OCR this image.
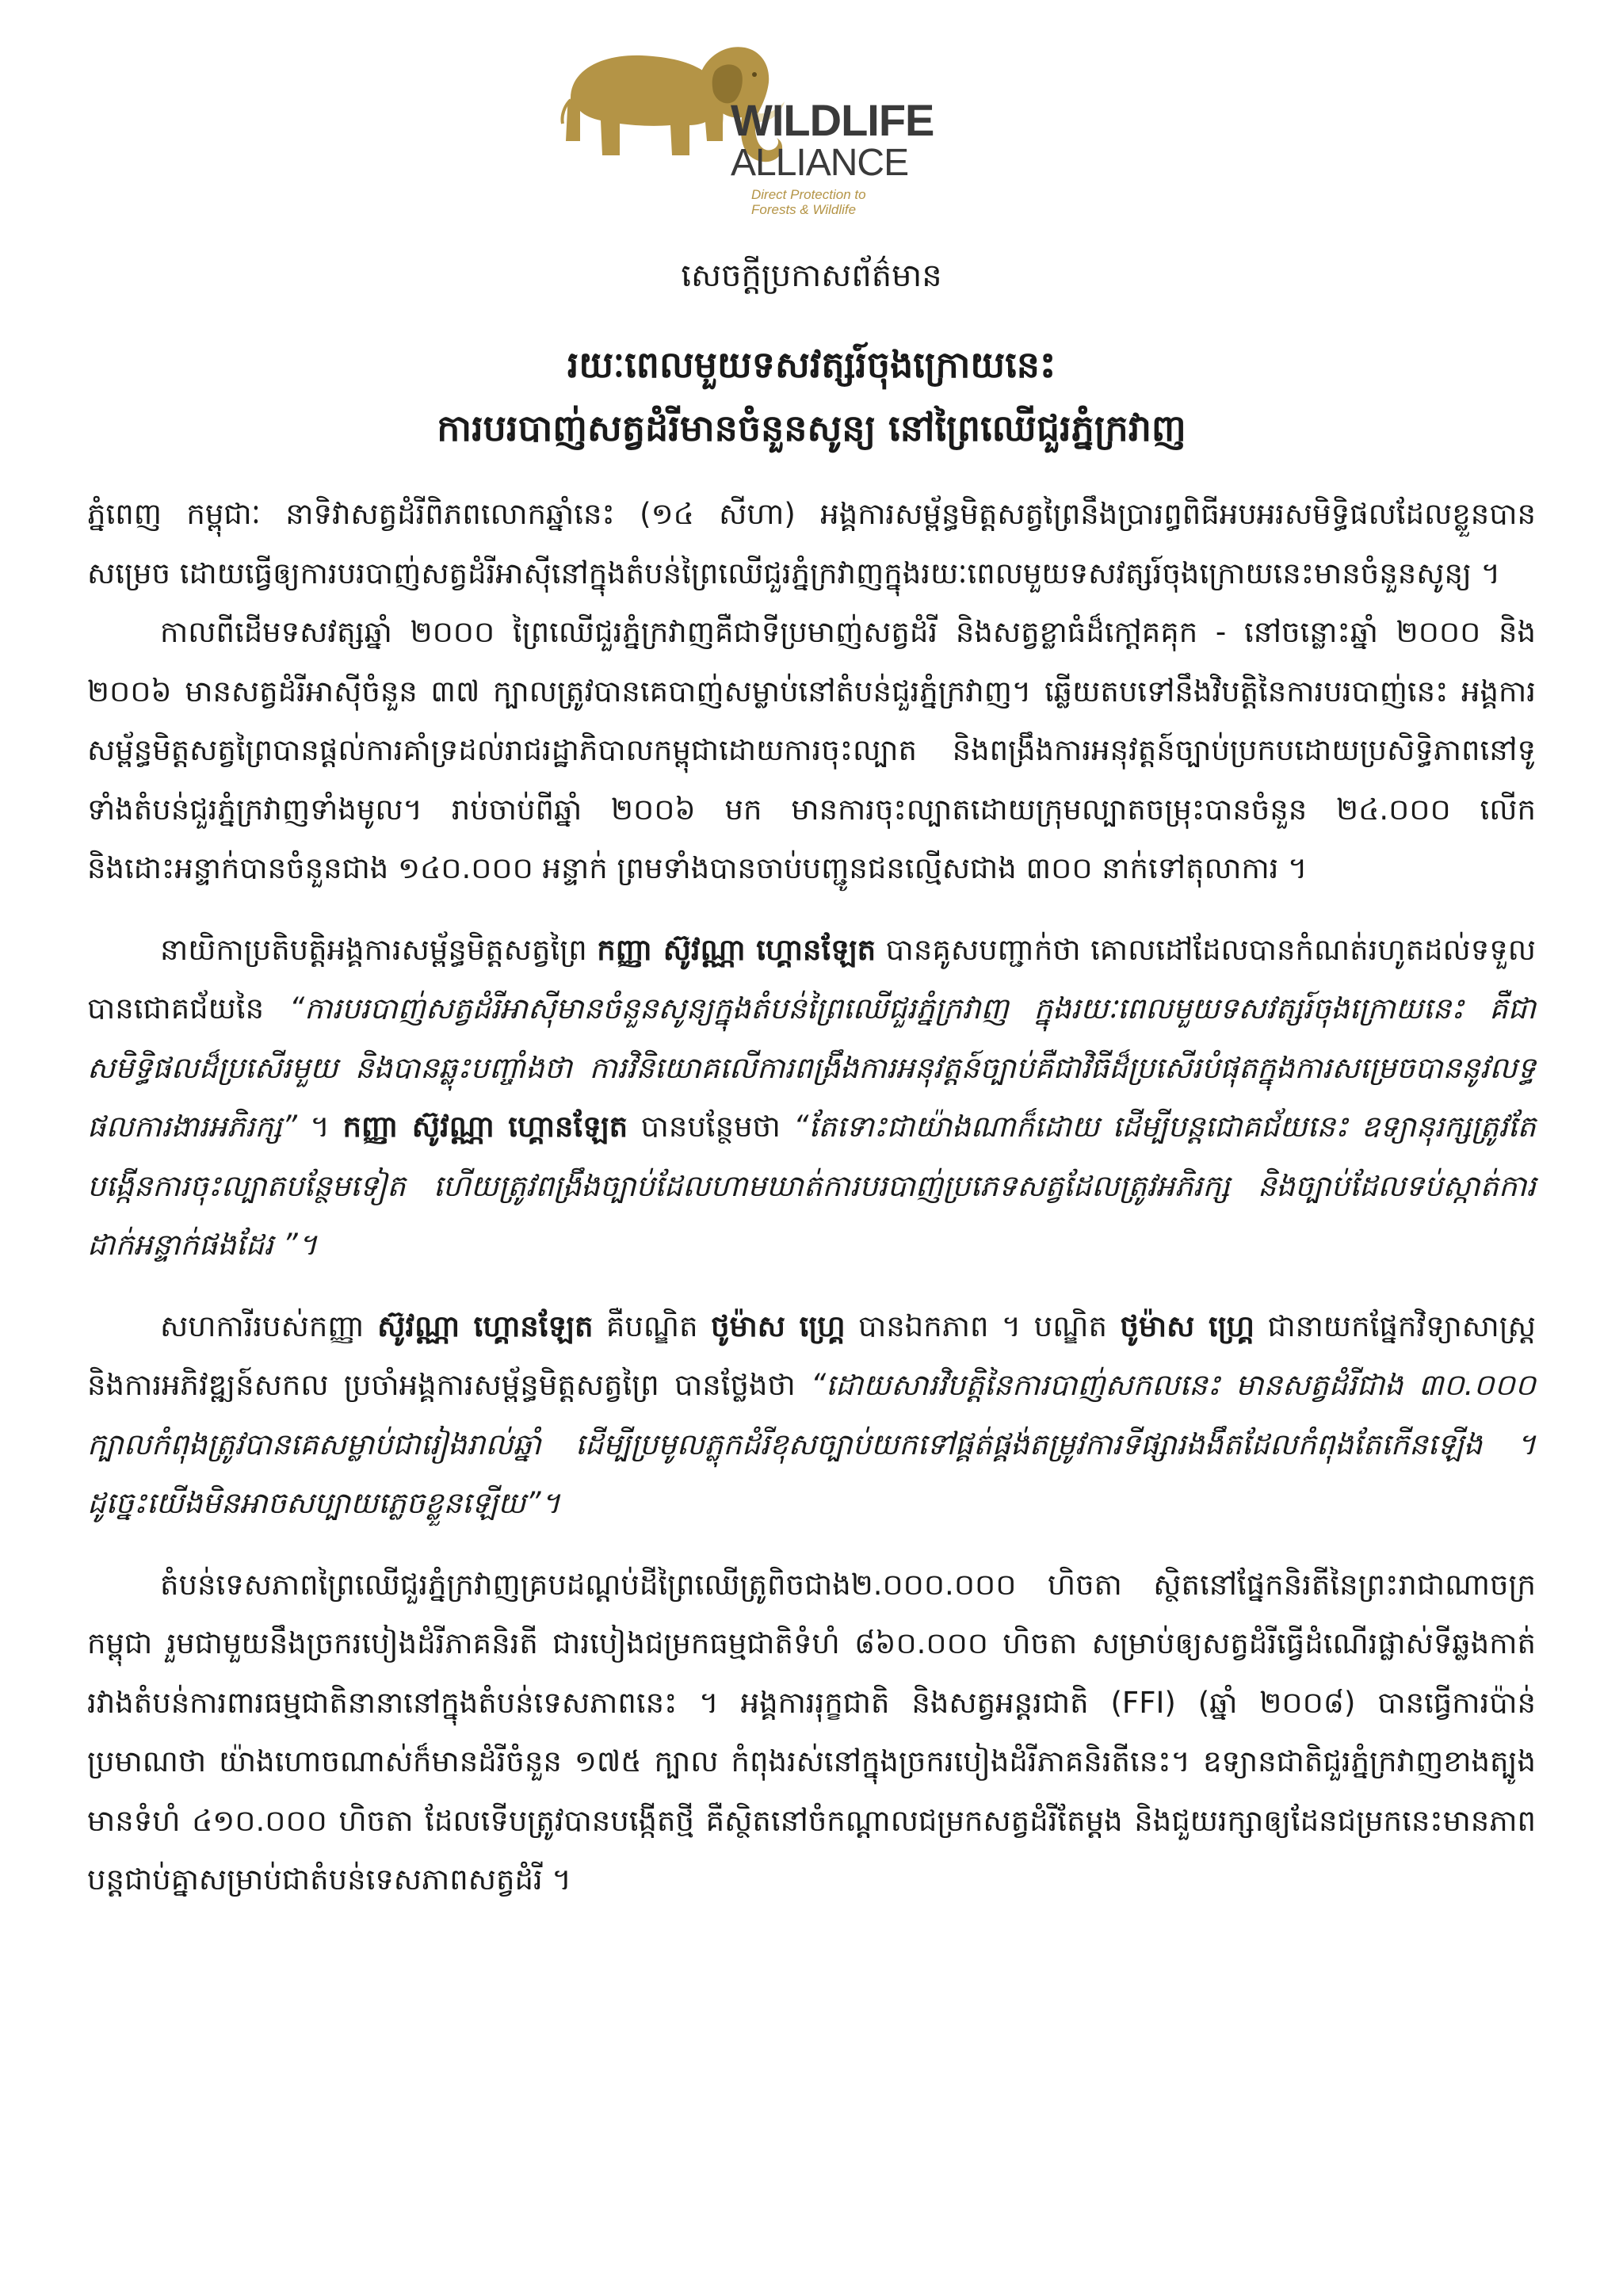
WILDLIFE
ALLIANCE
Direct Protection to
Forests & Wildlife
សេចក្តីប្រកាសព័ត៌មាន
រយៈពេលមួយទសវត្សរ៍ចុងក្រោយនេះ
ការបរបាញ់សត្វដំរីមានចំនួនសូន្យ នៅព្រៃឈើជួរភ្នំក្រវាញ

ភ្នំពេញ កម្ពុជាៈ នាទិវាសត្វដំរីពិភពលោកឆ្នាំនេះ (១៤ សីហា) អង្គការសម្ព័ន្ធមិត្តសត្វព្រៃនឹងប្រារព្ធពិធីអបអរសមិទ្ធិផលដែលខ្លួនបានសម្រេច ដោយធ្វើឲ្យការបរបាញ់សត្វដំរីអាស៊ីនៅក្នុងតំបន់ព្រៃឈើជួរភ្នំក្រវាញក្នុងរយៈពេលមួយទសវត្សរ៍ចុងក្រោយនេះមានចំនួនសូន្យ ។

កាលពីដើមទសវត្សឆ្នាំ ២០០០ ព្រៃឈើជួរភ្នំក្រវាញគឺជាទីប្រមាញ់សត្វដំរី និងសត្វខ្លាធំដ៏កៅ្តគគុក - នៅចន្លោះឆ្នាំ ២០០០ និង ២០០៦ មានសត្វដំរីអាស៊ីចំនួន ៣៧ ក្បាលត្រូវបានគេបាញ់សម្លាប់នៅតំបន់ជួរភ្នំក្រវាញ។ ឆ្លើយតបទៅនឹងវិបត្តិនៃការបរបាញ់នេះ អង្គការសម្ព័ន្ធមិត្តសត្វព្រៃបានផ្តល់ការគាំទ្រដល់រាជរដ្ឋាភិបាលកម្ពុជាដោយការចុះល្បាត និងពង្រឹងការអនុវត្តន៍ច្បាប់ប្រកបដោយប្រសិទ្ធិភាពនៅទូទាំងតំបន់ជួរភ្នំក្រវាញទាំងមូល។ រាប់ចាប់ពីឆ្នាំ ២០០៦ មក មានការចុះល្បាតដោយក្រុមល្បាតចម្រុះបានចំនួន ២៤.០០០ លើក និងដោះអន្ទាក់បានចំនួនជាង ១៤០.០០០ អន្ទាក់ ព្រមទាំងបានចាប់បញ្ជូនជនល្មើសជាង ៣០០ នាក់ទៅតុលាការ ។

នាយិកាប្រតិបត្តិអង្គការសម្ព័ន្ធមិត្តសត្វព្រៃ កញ្ញា ស៊ូវណ្ណា ហ្គោនឡែត បានគូសបញ្ជាក់ថា គោលដៅដែលបានកំណត់រហូតដល់ទទួលបានជោគជ័យនៃ “ការបរបាញ់សត្វដំរីអាស៊ីមានចំនួនសូន្យក្នុងតំបន់ព្រៃឈើជួរភ្នំក្រវាញ ក្នុងរយៈពេលមួយទសវត្សរ៍ចុងក្រោយនេះ គឺជាសមិទ្ធិផលដ៏ប្រសើរមួយ និងបានឆ្លុះបញ្ចាំងថា ការវិនិយោគលើការពង្រឹងការអនុវត្តន៍ច្បាប់គឺជាវិធីដ៏ប្រសើរបំផុតក្នុងការសម្រេចបាននូវលទ្ធផលការងារអភិរក្ស” ។ កញ្ញា ស៊ូវណ្ណា ហ្គោនឡែត បានបន្ថែមថា “តែទោះជាយ៉ាងណាក៏ដោយ ដើម្បីបន្តជោគជ័យនេះ ឧទ្យានុរក្សត្រូវតែបង្កើនការចុះល្បាតបន្ថែមទៀត ហើយត្រូវពង្រឹងច្បាប់ដែលហាមឃាត់ការបរបាញ់ប្រភេទសត្វដែលត្រូវអភិរក្ស និងច្បាប់ដែលទប់ស្កាត់ការដាក់អន្ទាក់ផងដែរ ”។

សហការីរបស់កញ្ញា ស៊ូវណ្ណា ហ្គោនឡែត គឺបណ្ឌិត ថូម៉ាស ហ្គ្រេ បានឯកភាព ។ បណ្ឌិត ថូម៉ាស ហ្គ្រេ ជានាយកផ្នែកវិទ្យាសាស្ត្រ និងការអភិវឌ្ឍន៍សកល ប្រចាំអង្គការសម្ព័ន្ធមិត្តសត្វព្រៃ បានថ្លែងថា “ដោយសារវិបត្តិនៃការបាញ់សកលនេះ មានសត្វដំរីជាង ៣០.០០០ ក្បាលកំពុងត្រូវបានគេសម្លាប់ជារៀងរាល់ឆ្នាំ ដើម្បីប្រមូលភ្លុកដំរីខុសច្បាប់យកទៅផ្គត់ផ្គង់តម្រូវការទីផ្សារងងឹតដែលកំពុងតែកើនឡើង ។ ដូច្នេះយើងមិនអាចសប្បាយភ្លេចខ្លួនឡើយ”។

តំបន់ទេសភាពព្រៃឈើជួរភ្នំក្រវាញគ្របដណ្តប់ដីព្រៃឈើត្រូពិចជាង២.០០០.០០០ ហិចតា ស្ថិតនៅផ្នែកនិរតីនៃព្រះរាជាណាចក្រកម្ពុជា រួមជាមួយនឹងច្រករបៀងដំរីភាគនិរតី ជារបៀងជម្រកធម្មជាតិទំហំ ៨៦០.០០០ ហិចតា សម្រាប់ឲ្យសត្វដំរីធ្វើដំណើរផ្លាស់ទីឆ្លងកាត់រវាងតំបន់ការពារធម្មជាតិនានានៅក្នុងតំបន់ទេសភាពនេះ ។ អង្គការរុក្ខជាតិ និងសត្វអន្តរជាតិ (FFI) (ឆ្នាំ ២០០៨) បានធ្វើការប៉ាន់ប្រមាណថា យ៉ាងហោចណាស់ក៏មានដំរីចំនួន ១៧៥ ក្បាល កំពុងរស់នៅក្នុងច្រករបៀងដំរីភាគនិរតីនេះ។ ឧទ្យានជាតិជួរភ្នំក្រវាញខាងត្បូង មានទំហំ ៤១០.០០០ ហិចតា ដែលទើបត្រូវបានបង្កើតថ្មី គឺស្ថិតនៅចំកណ្តាលជម្រកសត្វដំរីតែម្តង និងជួយរក្សាឲ្យដែនជម្រកនេះមានភាពបន្តជាប់គ្នាសម្រាប់ជាតំបន់ទេសភាពសត្វដំរី ។
